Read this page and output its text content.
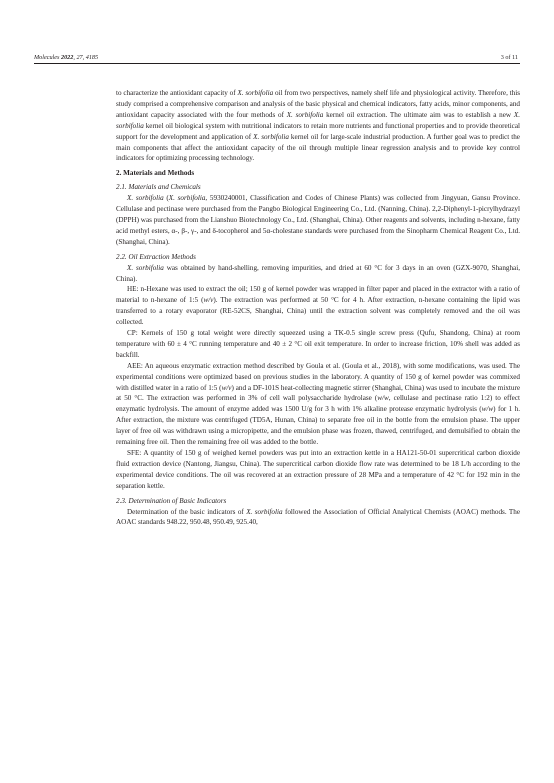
Molecules 2022, 27, 4185	3 of 11

to characterize the antioxidant capacity of X. sorbifolia oil from two perspectives, namely shelf life and physiological activity. Therefore, this study comprised a comprehensive comparison and analysis of the basic physical and chemical indicators, fatty acids, minor components, and antioxidant capacity associated with the four methods of X. sorbifolia kernel oil extraction. The ultimate aim was to establish a new X. sorbifolia kernel oil biological system with nutritional indicators to retain more nutrients and functional properties and to provide theoretical support for the development and application of X. sorbifolia kernel oil for large-scale industrial production. A further goal was to predict the main components that affect the antioxidant capacity of the oil through multiple linear regression analysis and to provide key control indicators for optimizing processing technology.

2. Materials and Methods

2.1. Materials and Chemicals

X. sorbifolia (X. sorbifolia, 5930240001, Classification and Codes of Chinese Plants) was collected from Jingyuan, Gansu Province. Cellulase and pectinase were purchased from the Pangbo Biological Engineering Co., Ltd. (Nanning, China). 2,2-Diphenyl-1-picrylhydrazyl (DPPH) was purchased from the Lianshuo Biotechnology Co., Ltd. (Shanghai, China). Other reagents and solvents, including n-hexane, fatty acid methyl esters, α-, β-, γ-, and δ-tocopherol and 5α-cholestane standards were purchased from the Sinopharm Chemical Reagent Co., Ltd. (Shanghai, China).

2.2. Oil Extraction Methods

X. sorbifolia was obtained by hand-shelling, removing impurities, and dried at 60 °C for 3 days in an oven (GZX-9070, Shanghai, China).

HE: n-Hexane was used to extract the oil; 150 g of kernel powder was wrapped in filter paper and placed in the extractor with a ratio of material to n-hexane of 1:5 (w/v). The extraction was performed at 50 °C for 4 h. After extraction, n-hexane containing the lipid was transferred to a rotary evaporator (RE-52CS, Shanghai, China) until the extraction solvent was completely removed and the oil was collected.

CP: Kernels of 150 g total weight were directly squeezed using a TK-0.5 single screw press (Qufu, Shandong, China) at room temperature with 60 ± 4 °C running temperature and 40 ± 2 °C oil exit temperature. In order to increase friction, 10% shell was added as backfill.

AEE: An aqueous enzymatic extraction method described by Goula et al. (Goula et al., 2018), with some modifications, was used. The experimental conditions were optimized based on previous studies in the laboratory. A quantity of 150 g of kernel powder was commixed with distilled water in a ratio of 1:5 (w/v) and a DF-101S heat-collecting magnetic stirrer (Shanghai, China) was used to incubate the mixture at 50 °C. The extraction was performed in 3% of cell wall polysaccharide hydrolase (w/w, cellulase and pectinase ratio 1:2) to effect enzymatic hydrolysis. The amount of enzyme added was 1500 U/g for 3 h with 1% alkaline protease enzymatic hydrolysis (w/w) for 1 h. After extraction, the mixture was centrifuged (TD5A, Hunan, China) to separate free oil in the bottle from the emulsion phase. The upper layer of free oil was withdrawn using a micropipette, and the emulsion phase was frozen, thawed, centrifuged, and demulsified to obtain the remaining free oil. Then the remaining free oil was added to the bottle.

SFE: A quantity of 150 g of weighed kernel powders was put into an extraction kettle in a HA121-50-01 supercritical carbon dioxide fluid extraction device (Nantong, Jiangsu, China). The supercritical carbon dioxide flow rate was determined to be 18 L/h according to the experimental device conditions. The oil was recovered at an extraction pressure of 28 MPa and a temperature of 42 °C for 192 min in the separation kettle.

2.3. Determination of Basic Indicators

Determination of the basic indicators of X. sorbifolia followed the Association of Official Analytical Chemists (AOAC) methods. The AOAC standards 948.22, 950.48, 950.49, 925.40,
